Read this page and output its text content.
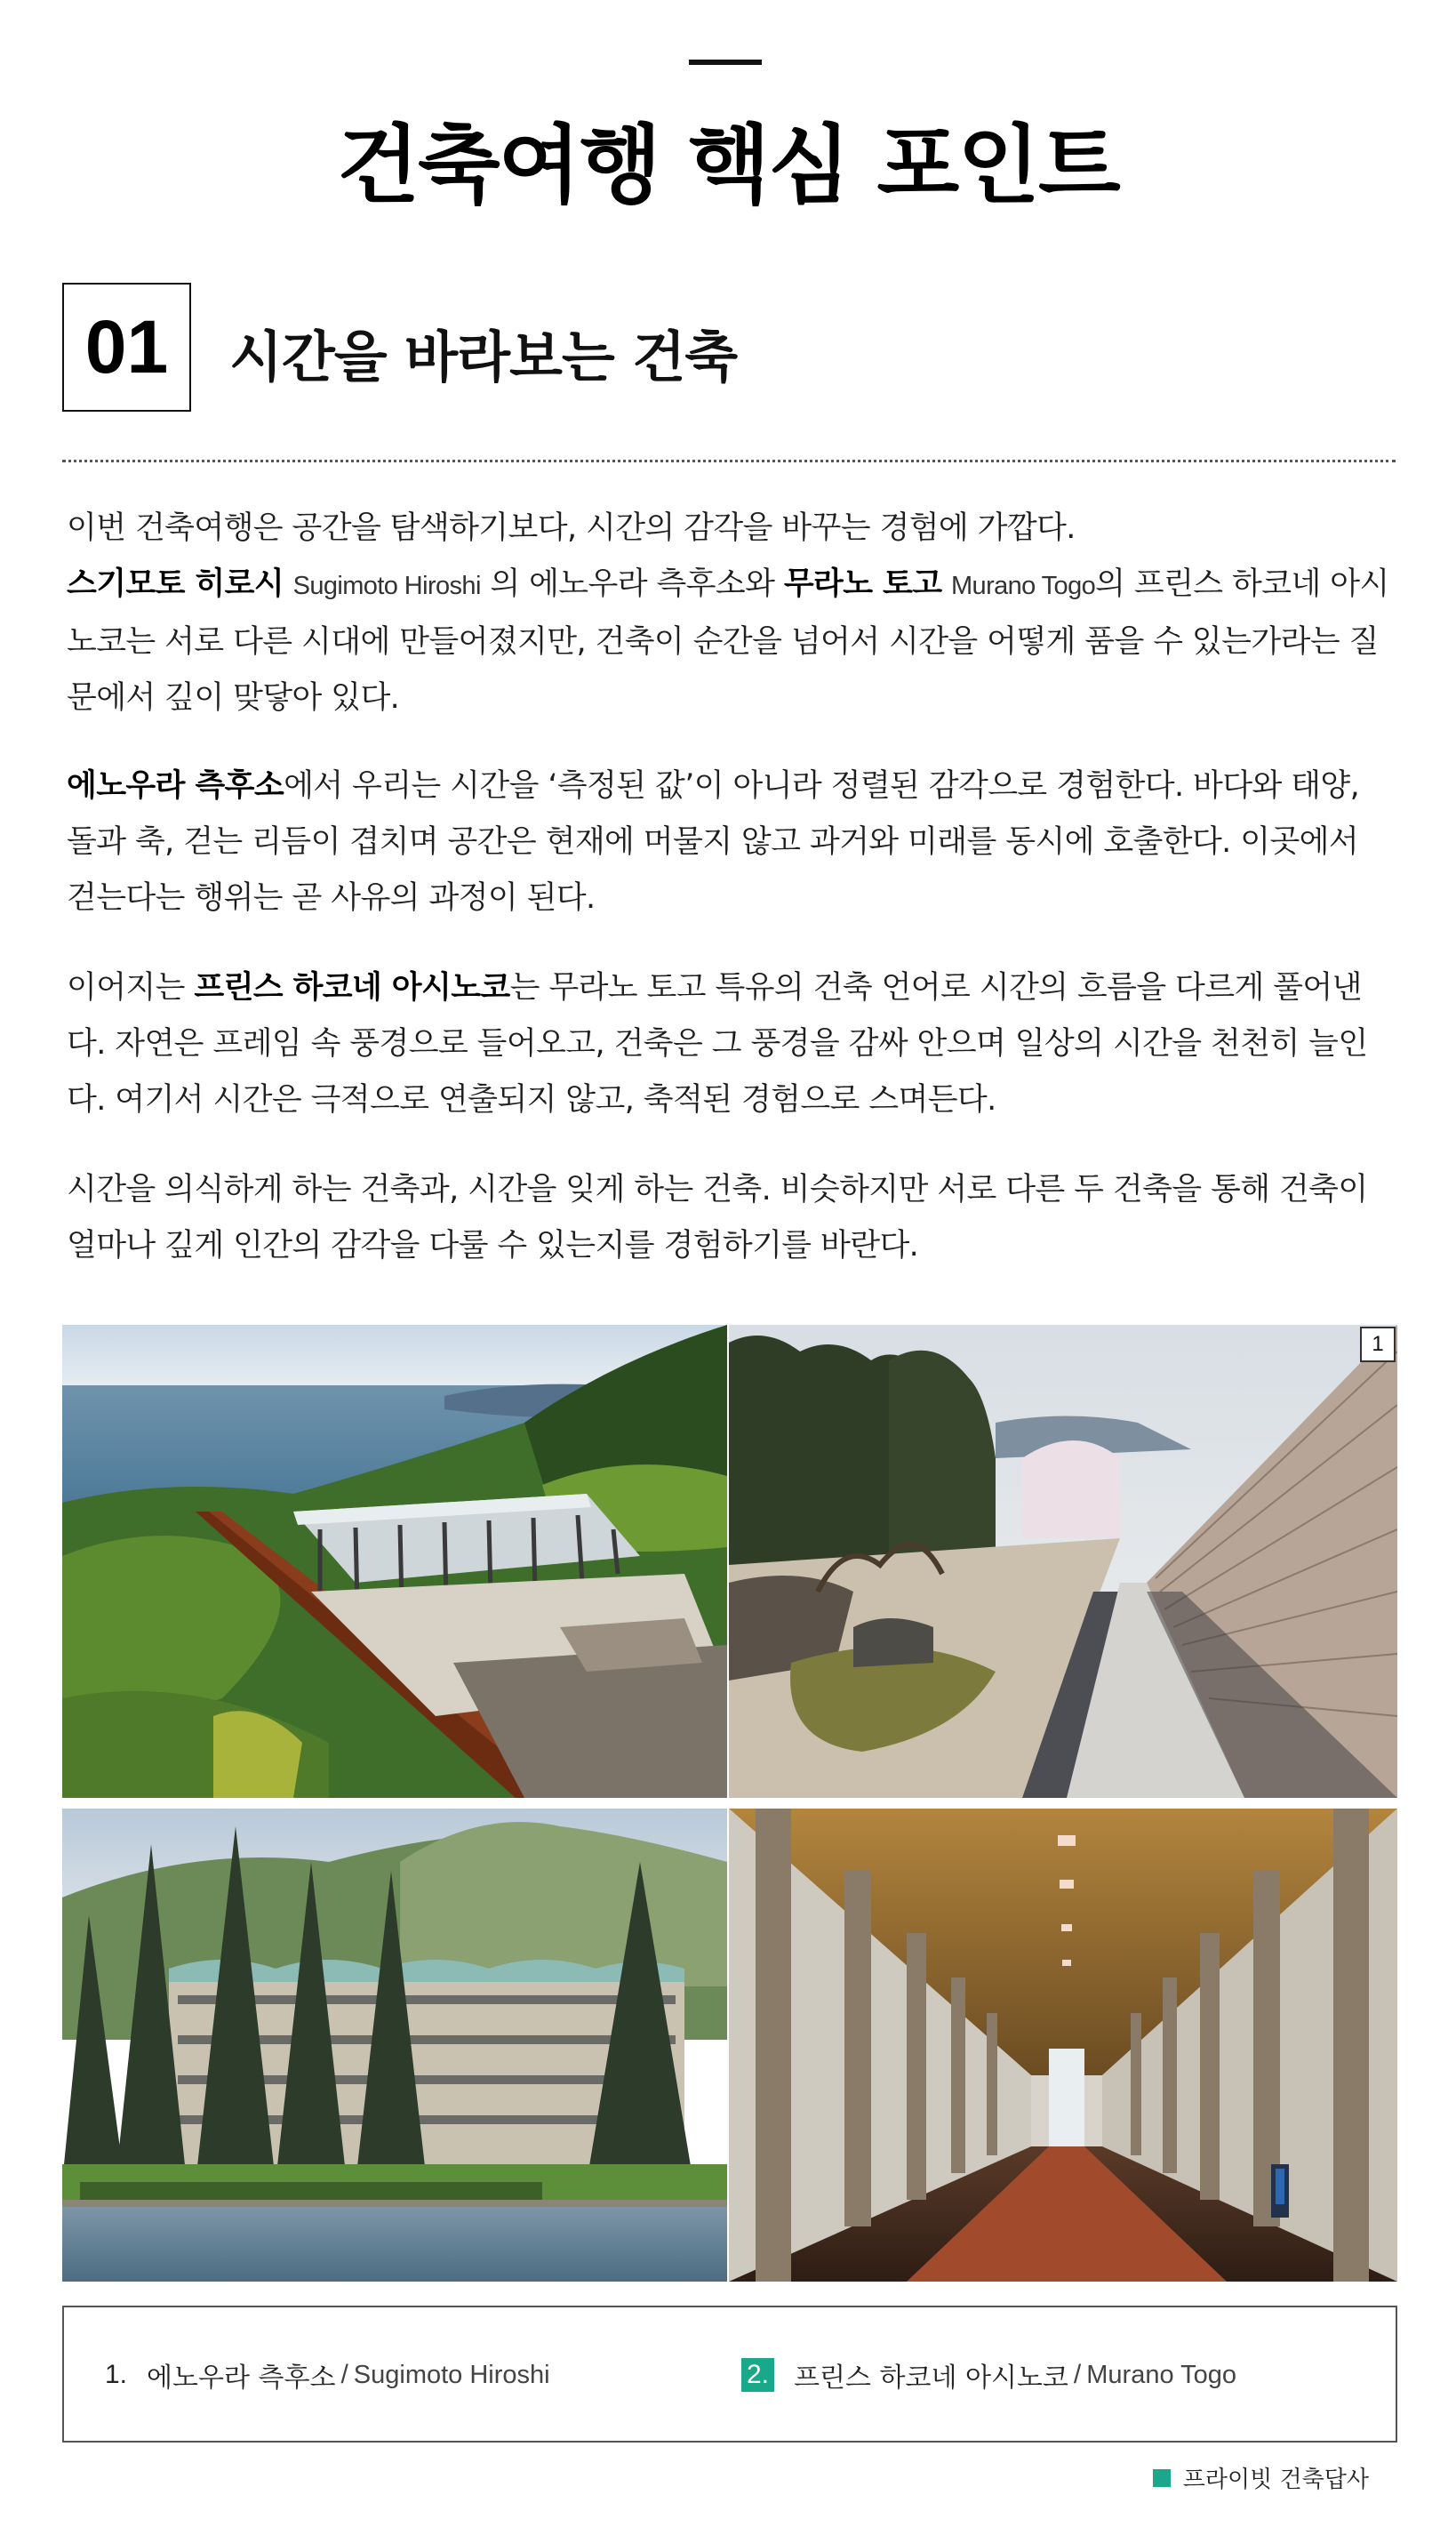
건축여행 핵심 포인트
01	시간을 바라보는 건축

이번 건축여행은 공간을 탐색하기보다, 시간의 감각을 바꾸는 경험에 가깝다.
스기모토 히로시 Sugimoto Hiroshi 의 에노우라 측후소와 무라노 토고 Murano Togo의 프린스 하코네 아시노코는 서로 다른 시대에 만들어졌지만, 건축이 순간을 넘어서 시간을 어떻게 품을 수 있는가라는 질문에서 깊이 맞닿아 있다.

에노우라 측후소에서 우리는 시간을 ‘측정된 값’이 아니라 정렬된 감각으로 경험한다. 바다와 태양, 돌과 축, 걷는 리듬이 겹치며 공간은 현재에 머물지 않고 과거와 미래를 동시에 호출한다. 이곳에서 걷는다는 행위는 곧 사유의 과정이 된다.

이어지는 프린스 하코네 아시노코는 무라노 토고 특유의 건축 언어로 시간의 흐름을 다르게 풀어낸다. 자연은 프레임 속 풍경으로 들어오고, 건축은 그 풍경을 감싸 안으며 일상의 시간을 천천히 늘인다. 여기서 시간은 극적으로 연출되지 않고, 축적된 경험으로 스며든다.

시간을 의식하게 하는 건축과, 시간을 잊게 하는 건축. 비슷하지만 서로 다른 두 건축을 통해 건축이 얼마나 깊게 인간의 감각을 다룰 수 있는지를 경험하기를 바란다.

1
1. 에노우라 측후소 / Sugimoto Hiroshi	2. 프린스 하코네 아시노코 / Murano Togo
프라이빗 건축답사
